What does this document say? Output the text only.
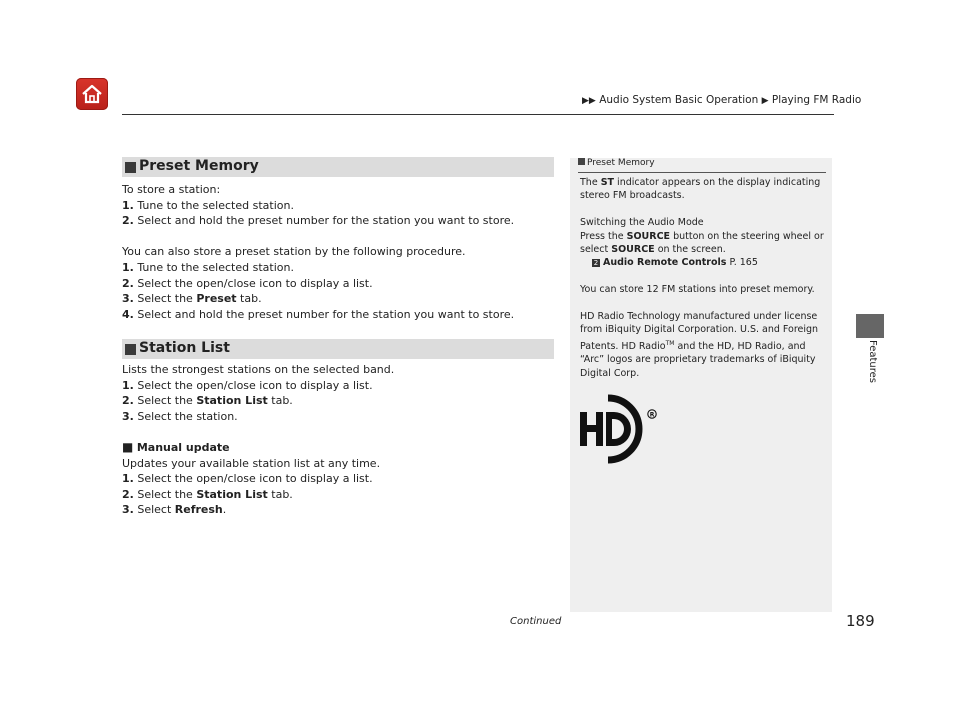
▶▶ Audio System Basic Operation ▶ Playing FM Radio
Features
Preset Memory

To store a station:

1. Tune to the selected station.

2. Select and hold the preset number for the station you want to store.

You can also store a preset station by the following procedure.

1. Tune to the selected station.

2. Select the open/close icon to display a list.

3. Select the Preset tab.

4. Select and hold the preset number for the station you want to store.

Station List

Lists the strongest stations on the selected band.

1. Select the open/close icon to display a list.

2. Select the Station List tab.

3. Select the station.

■ Manual update

Updates your available station list at any time.

1. Select the open/close icon to display a list.

2. Select the Station List tab.

3. Select Refresh.

Preset Memory

The ST indicator appears on the display indicating stereo FM broadcasts.

Switching the Audio Mode

Press the SOURCE button on the steering wheel or select SOURCE on the screen.

2 Audio Remote Controls P. 165

You can store 12 FM stations into preset memory.

HD Radio Technology manufactured under license from iBiquity Digital Corporation. U.S. and Foreign Patents. HD Radio™ and the HD, HD Radio, and “Arc” logos are proprietary trademarks of iBiquity Digital Corp.

R
Continued	189
